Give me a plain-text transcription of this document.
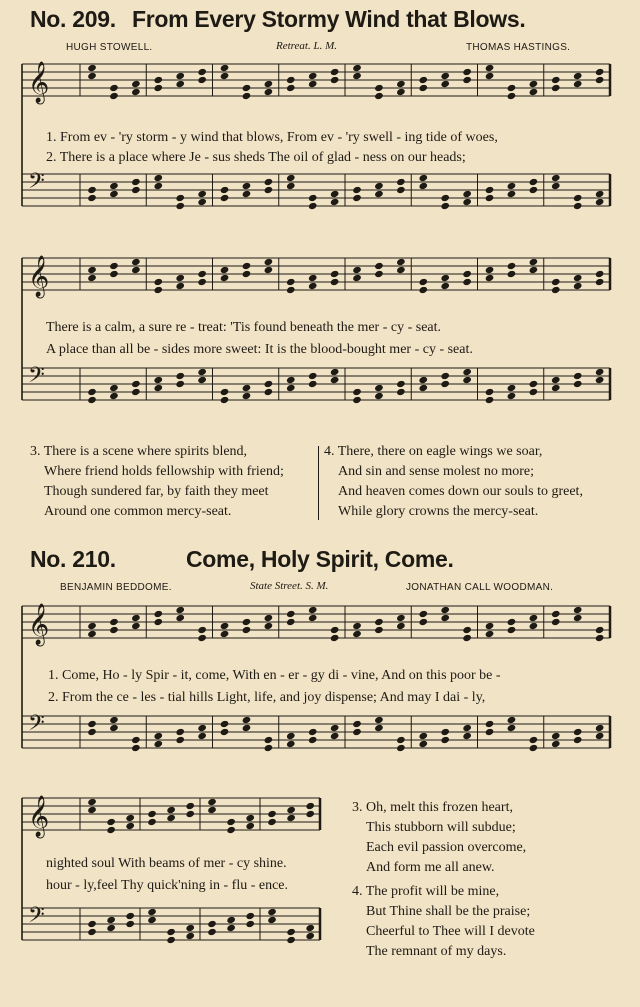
No. 209. From Every Stormy Wind that Blows.
HUGH STOWELL.	Retreat. L. M.	THOMAS HASTINGS.
𝄞
𝄢
1. From ev - 'ry storm - y wind that blows, From ev - 'ry swell - ing tide of woes,
2. There is a place where Je - sus sheds The oil of glad - ness on our heads;
𝄞
𝄢
There is a calm, a sure re - treat: 'Tis found beneath the mer - cy - seat.
A place than all be - sides more sweet: It is the blood-bought mer - cy - seat.
3. There is a scene where spirits blend,
Where friend holds fellowship with friend;
Though sundered far, by faith they meet
Around one common mercy-seat.
4. There, there on eagle wings we soar,
And sin and sense molest no more;
And heaven comes down our souls to greet,
While glory crowns the mercy-seat.
No. 210.	Come, Holy Spirit, Come.
BENJAMIN BEDDOME.	State Street. S. M.	JONATHAN CALL WOODMAN.
𝄞
𝄢
1. Come, Ho - ly Spir - it, come, With en - er - gy di - vine, And on this poor be -
2. From the ce - les - tial hills Light, life, and joy dispense; And may I dai - ly,
𝄞
𝄢
nighted soul With beams of mer - cy shine.
hour - ly,feel Thy quick'ning in - flu - ence.
3. Oh, melt this frozen heart,
This stubborn will subdue;
Each evil passion overcome,
And form me all anew.
4. The profit will be mine,
But Thine shall be the praise;
Cheerful to Thee will I devote
The remnant of my days.
